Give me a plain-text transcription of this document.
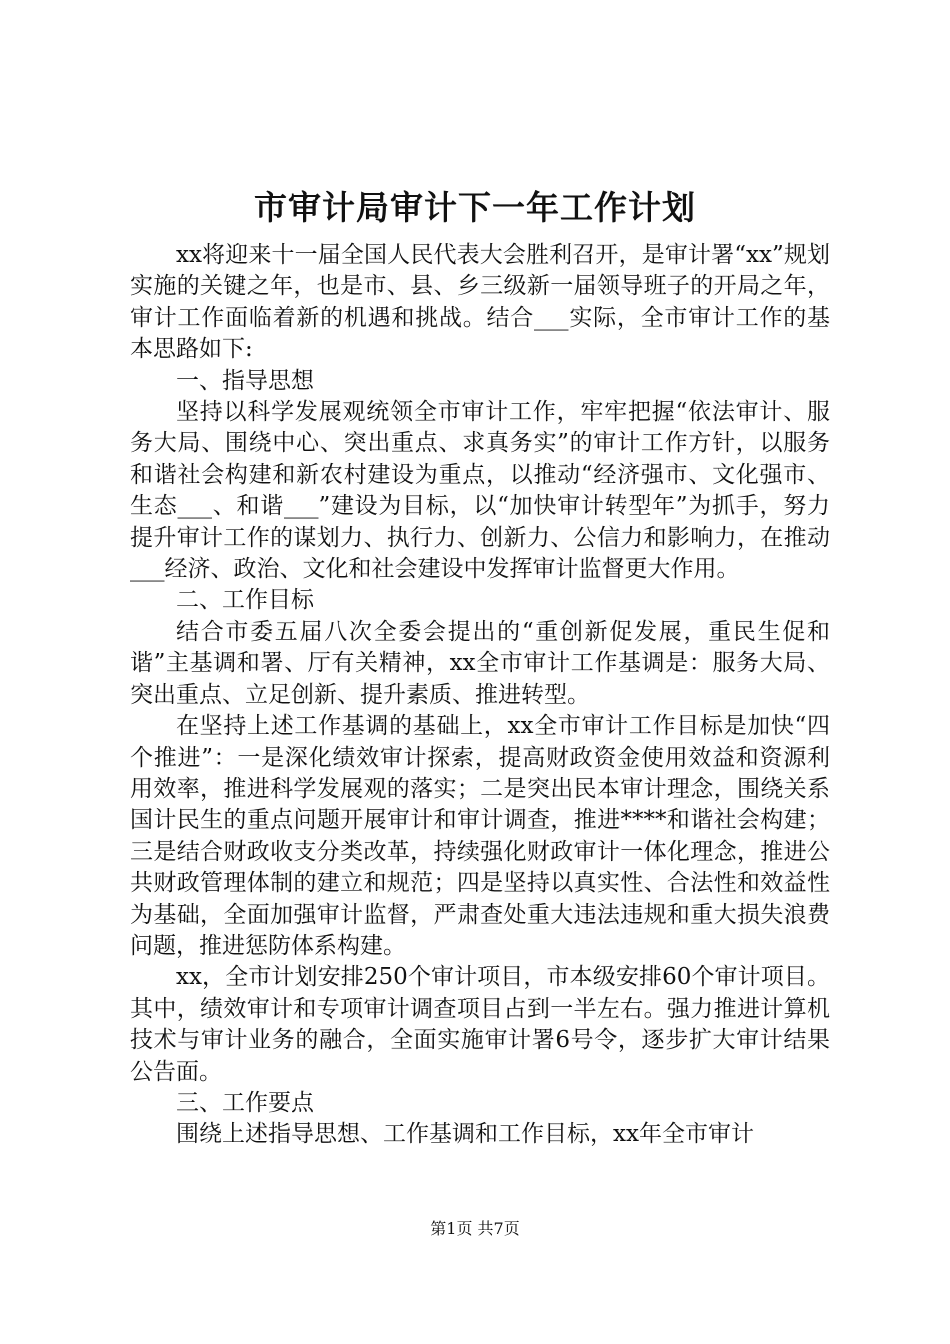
市审计局审计下一年工作计划

xx将迎来十一届全国人民代表大会胜利召开，是审计署“xx”规划实施的关键之年，也是市、县、乡三级新一届领导班子的开局之年，审计工作面临着新的机遇和挑战。结合___实际，全市审计工作的基本思路如下:

一、指导思想

坚持以科学发展观统领全市审计工作，牢牢把握“依法审计、服务大局、围绕中心、突出重点、求真务实”的审计工作方针，以服务和谐社会构建和新农村建设为重点，以推动“经济强市、文化强市、生态___、和谐___”建设为目标，以“加快审计转型年”为抓手，努力提升审计工作的谋划力、执行力、创新力、公信力和影响力，在推动___经济、政治、文化和社会建设中发挥审计监督更大作用。

二、工作目标

结合市委五届八次全委会提出的“重创新促发展，重民生促和谐”主基调和署、厅有关精神，xx全市审计工作基调是：服务大局、突出重点、立足创新、提升素质、推进转型。

在坚持上述工作基调的基础上，xx全市审计工作目标是加快“四个推进”：一是深化绩效审计探索，提高财政资金使用效益和资源利用效率，推进科学发展观的落实；二是突出民本审计理念，围绕关系国计民生的重点问题开展审计和审计调查，推进****和谐社会构建；三是结合财政收支分类改革，持续强化财政审计一体化理念，推进公共财政管理体制的建立和规范；四是坚持以真实性、合法性和效益性为基础，全面加强审计监督，严肃查处重大违法违规和重大损失浪费问题，推进惩防体系构建。

xx，全市计划安排250个审计项目，市本级安排60个审计项目。其中，绩效审计和专项审计调查项目占到一半左右。强力推进计算机技术与审计业务的融合，全面实施审计署6号令，逐步扩大审计结果公告面。

三、工作要点

围绕上述指导思想、工作基调和工作目标，xx年全市审计

第1页 共7页
